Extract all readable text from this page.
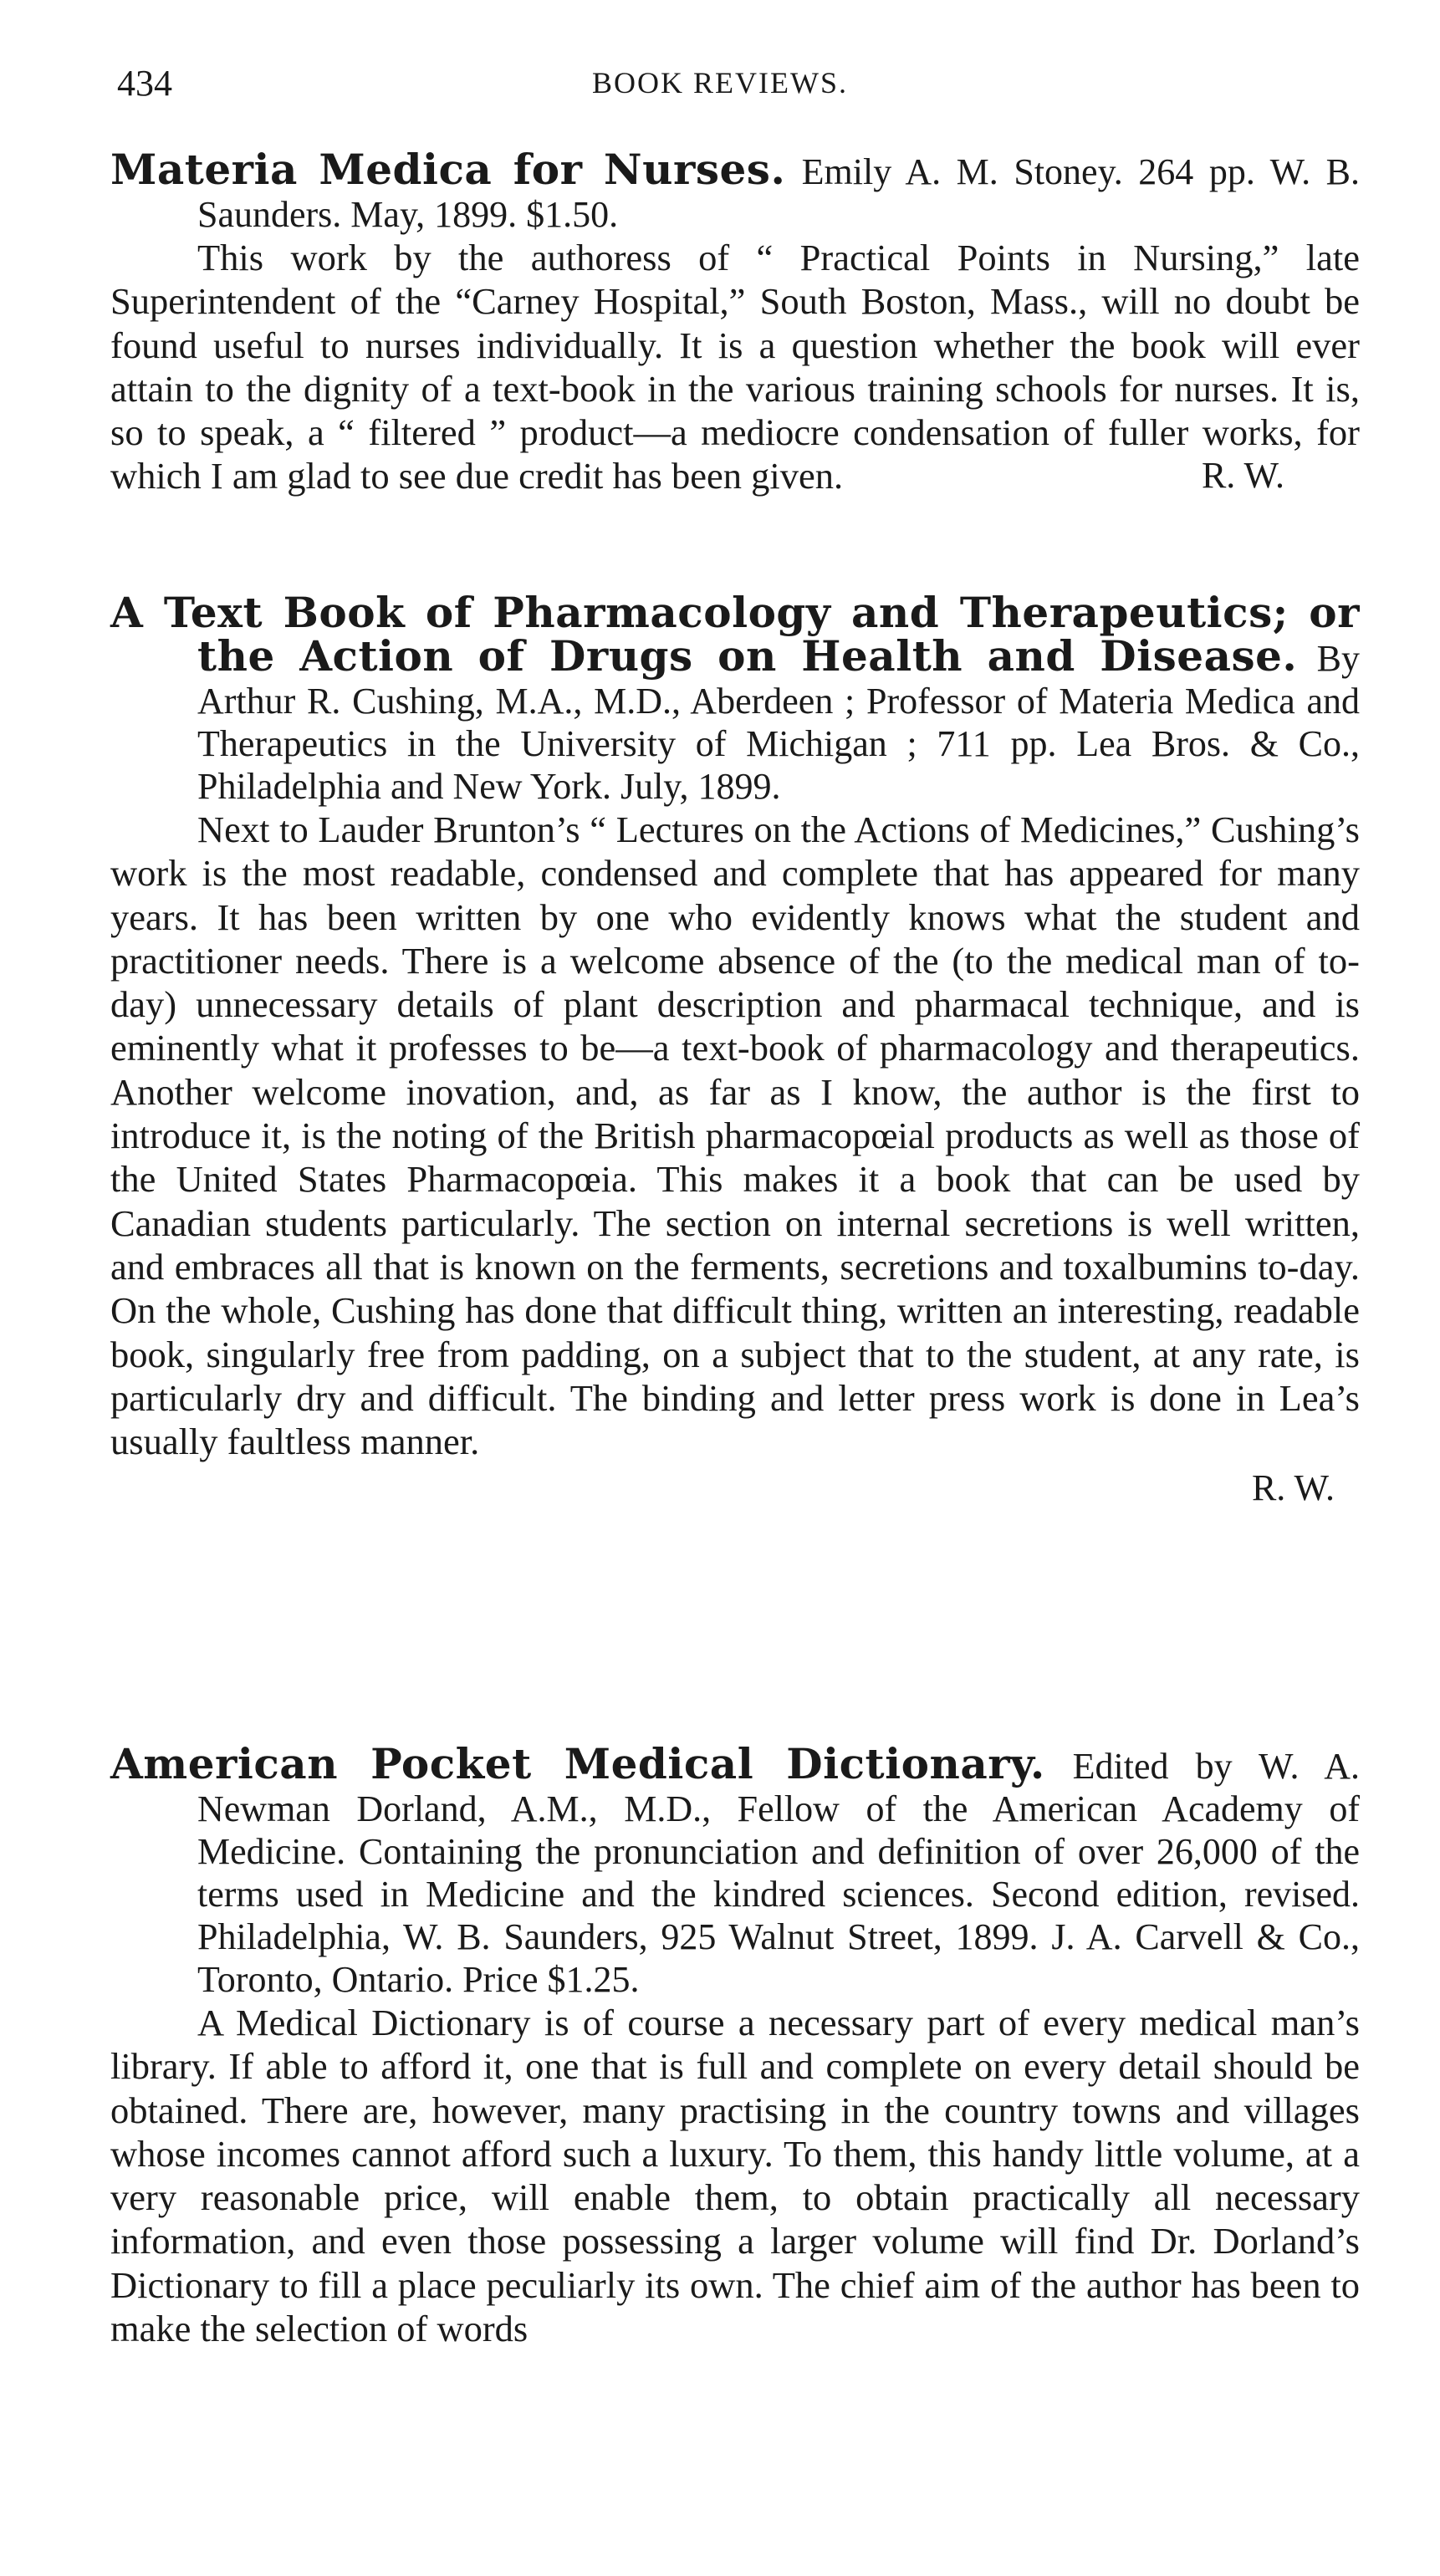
434	BOOK REVIEWS.

Materia Medica for Nurses. Emily A. M. Stoney. 264 pp. W. B. Saunders. May, 1899. $1.50.

This work by the authoress of “ Practical Points in Nursing,” late Superintendent of the “Carney Hospital,” South Boston, Mass., will no doubt be found useful to nurses individually. It is a question whether the book will ever attain to the dignity of a text-book in the various training schools for nurses. It is, so to speak, a “ filtered ” product—a mediocre condensation of fuller works, for which I am glad to see due credit has been given.	R. W.

A Text Book of Pharmacology and Therapeutics; or the Action of Drugs on Health and Disease. By Arthur R. Cushing, M.A., M.D., Aberdeen ; Professor of Materia Medica and Therapeutics in the University of Michigan ; 711 pp. Lea Bros. & Co., Philadelphia and New York. July, 1899.

Next to Lauder Brunton’s “ Lectures on the Actions of Medicines,” Cushing’s work is the most readable, condensed and complete that has appeared for many years. It has been written by one who evidently knows what the student and practitioner needs. There is a welcome absence of the (to the medical man of to-day) unnecessary details of plant description and pharmacal technique, and is eminently what it professes to be—a text-book of pharmacology and therapeutics. Another welcome inovation, and, as far as I know, the author is the first to introduce it, is the noting of the British pharmacopœial products as well as those of the United States Pharmacopœia. This makes it a book that can be used by Canadian students particularly. The section on internal secretions is well written, and embraces all that is known on the ferments, secretions and toxalbumins to-day. On the whole, Cushing has done that difficult thing, written an interesting, readable book, singularly free from padding, on a subject that to the student, at any rate, is particularly dry and difficult. The binding and letter press work is done in Lea’s usually faultless manner.

R. W.

American Pocket Medical Dictionary. Edited by W. A. Newman Dorland, A.M., M.D., Fellow of the American Academy of Medicine. Containing the pronunciation and definition of over 26,000 of the terms used in Medicine and the kindred sciences. Second edition, revised. Philadelphia, W. B. Saunders, 925 Walnut Street, 1899. J. A. Carvell & Co., Toronto, Ontario. Price $1.25.

A Medical Dictionary is of course a necessary part of every medical man’s library. If able to afford it, one that is full and complete on every detail should be obtained. There are, however, many practising in the country towns and villages whose incomes cannot afford such a luxury. To them, this handy little volume, at a very reasonable price, will enable them, to obtain practically all necessary information, and even those possessing a larger volume will find Dr. Dorland’s Dictionary to fill a place peculiarly its own. The chief aim of the author has been to make the selection of words
